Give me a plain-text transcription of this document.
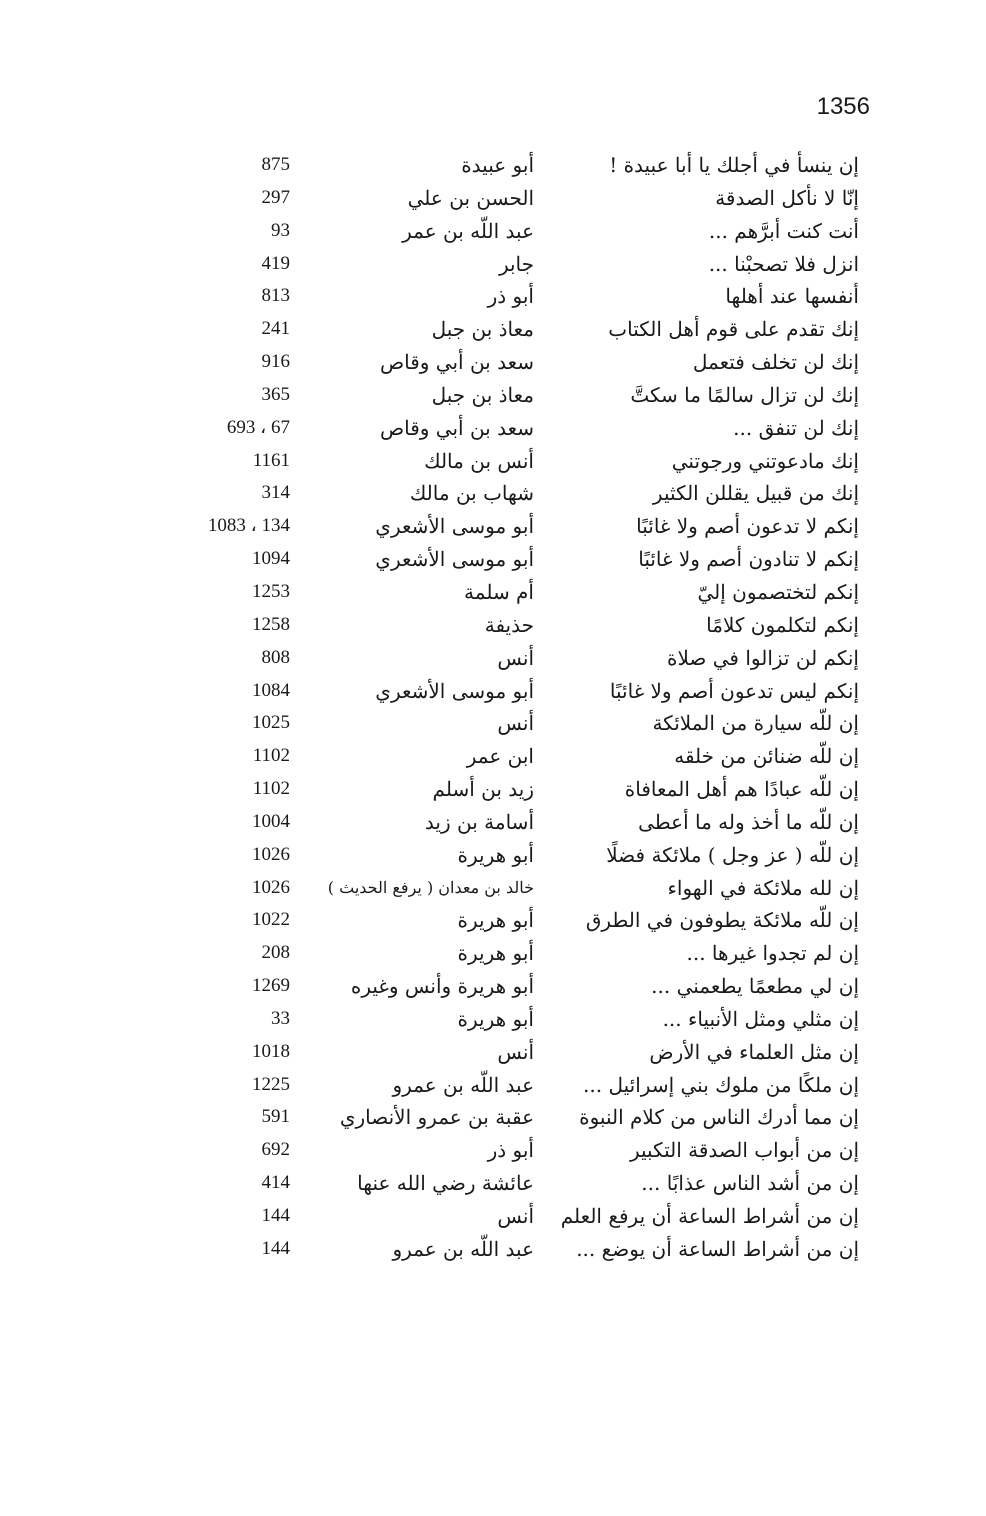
1356
إن ينسأ في أجلك يا أبا عبيدة !
أبو عبيدة
875
إنّا لا نأكل الصدقة
الحسن بن علي
297
أنت كنت أبرَّهم ...
عبد اللّه بن عمر
93
انزل فلا تصحبْنا ...
جابر
419
أنفسها عند أهلها
أبو ذر
813
إنك تقدم على قوم أهل الكتاب
معاذ بن جبل
241
إنك لن تخلف فتعمل
سعد بن أبي وقاص
916
إنك لن تزال سالمًا ما سكتَّ
معاذ بن جبل
365
إنك لن تنفق ...
سعد بن أبي وقاص
67 ، 693
إنك مادعوتني ورجوتني
أنس بن مالك
1161
إنك من قبيل يقللن الكثير
شهاب بن مالك
314
إنكم لا تدعون أصم ولا غائبًا
أبو موسى الأشعري
134 ، 1083
إنكم لا تنادون أصم ولا غائبًا
أبو موسى الأشعري
1094
إنكم لتختصمون إليّ
أم سلمة
1253
إنكم لتكلمون كلامًا
حذيفة
1258
إنكم لن تزالوا في صلاة
أنس
808
إنكم ليس تدعون أصم ولا غائبًا
أبو موسى الأشعري
1084
إن للّه سيارة من الملائكة
أنس
1025
إن للّه ضنائن من خلقه
ابن عمر
1102
إن للّه عبادًا هم أهل المعافاة
زيد بن أسلم
1102
إن للّه ما أخذ وله ما أعطى
أسامة بن زيد
1004
إن للّه ( عز وجل ) ملائكة فضلًا
أبو هريرة
1026
إن لله ملائكة في الهواء
خالد بن معدان ( يرفع الحديث )
1026
إن للّه ملائكة يطوفون في الطرق
أبو هريرة
1022
إن لم تجدوا غيرها ...
أبو هريرة
208
إن لي مطعمًا يطعمني ...
أبو هريرة وأنس وغيره
1269
إن مثلي ومثل الأنبياء ...
أبو هريرة
33
إن مثل العلماء في الأرض
أنس
1018
إن ملكًا من ملوك بني إسرائيل ...
عبد اللّه بن عمرو
1225
إن مما أدرك الناس من كلام النبوة
عقبة بن عمرو الأنصاري
591
إن من أبواب الصدقة التكبير
أبو ذر
692
إن من أشد الناس عذابًا ...
عائشة رضي الله عنها
414
إن من أشراط الساعة أن يرفع العلم
أنس
144
إن من أشراط الساعة أن يوضع ...
عبد اللّه بن عمرو
144
